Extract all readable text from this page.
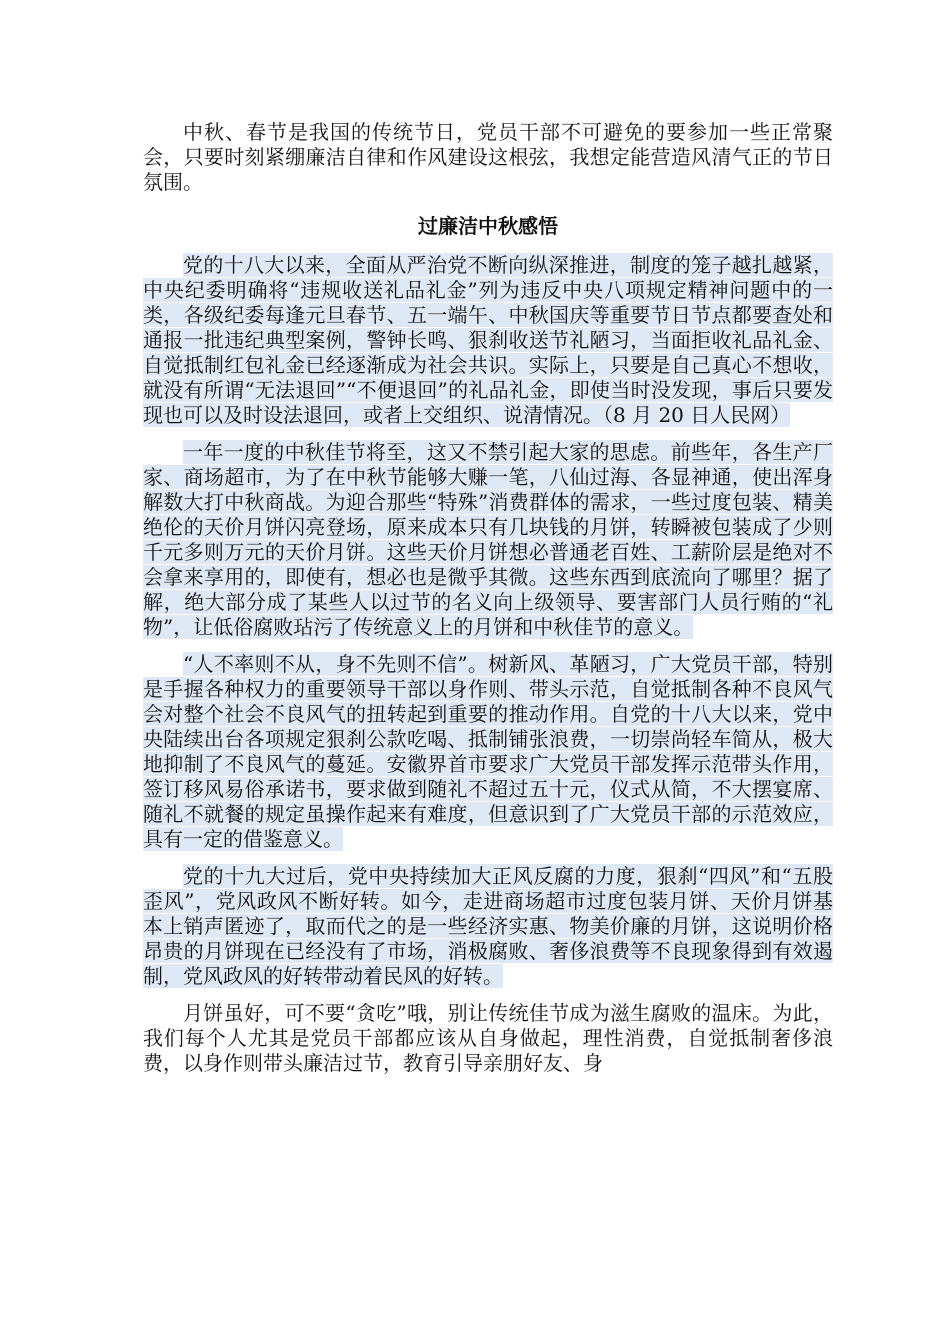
中秋、春节是我国的传统节日，党员干部不可避免的要参加一些正常聚会，只要时刻紧绷廉洁自律和作风建设这根弦，我想定能营造风清气正的节日氛围。

过廉洁中秋感悟

党的十八大以来，全面从严治党不断向纵深推进，制度的笼子越扎越紧，中央纪委明确将“违规收送礼品礼金”列为违反中央八项规定精神问题中的一类，各级纪委每逢元旦春节、五一端午、中秋国庆等重要节日节点都要查处和通报一批违纪典型案例，警钟长鸣、狠刹收送节礼陋习，当面拒收礼品礼金、自觉抵制红包礼金已经逐渐成为社会共识。实际上，只要是自己真心不想收，就没有所谓“无法退回”“不便退回”的礼品礼金，即使当时没发现，事后只要发现也可以及时设法退回，或者上交组织、说清情况。（8 月 20 日人民网）

一年一度的中秋佳节将至，这又不禁引起大家的思虑。前些年，各生产厂家、商场超市，为了在中秋节能够大赚一笔，八仙过海、各显神通，使出浑身解数大打中秋商战。为迎合那些“特殊”消费群体的需求，一些过度包装、精美绝伦的天价月饼闪亮登场，原来成本只有几块钱的月饼，转瞬被包装成了少则千元多则万元的天价月饼。这些天价月饼想必普通老百姓、工薪阶层是绝对不会拿来享用的，即使有，想必也是微乎其微。这些东西到底流向了哪里？据了解，绝大部分成了某些人以过节的名义向上级领导、要害部门人员行贿的“礼物”，让低俗腐败玷污了传统意义上的月饼和中秋佳节的意义。

“人不率则不从，身不先则不信”。树新风、革陋习，广大党员干部，特别是手握各种权力的重要领导干部以身作则、带头示范，自觉抵制各种不良风气会对整个社会不良风气的扭转起到重要的推动作用。自党的十八大以来，党中央陆续出台各项规定狠刹公款吃喝、抵制铺张浪费，一切崇尚轻车简从，极大地抑制了不良风气的蔓延。安徽界首市要求广大党员干部发挥示范带头作用，签订移风易俗承诺书，要求做到随礼不超过五十元，仪式从简，不大摆宴席、随礼不就餐的规定虽操作起来有难度，但意识到了广大党员干部的示范效应，具有一定的借鉴意义。

党的十九大过后，党中央持续加大正风反腐的力度，狠刹“四风”和“五股歪风”，党风政风不断好转。如今，走进商场超市过度包装月饼、天价月饼基本上销声匿迹了，取而代之的是一些经济实惠、物美价廉的月饼，这说明价格昂贵的月饼现在已经没有了市场，消极腐败、奢侈浪费等不良现象得到有效遏制，党风政风的好转带动着民风的好转。

月饼虽好，可不要“贪吃”哦，别让传统佳节成为滋生腐败的温床。为此，我们每个人尤其是党员干部都应该从自身做起，理性消费，自觉抵制奢侈浪费，以身作则带头廉洁过节，教育引导亲朋好友、身
